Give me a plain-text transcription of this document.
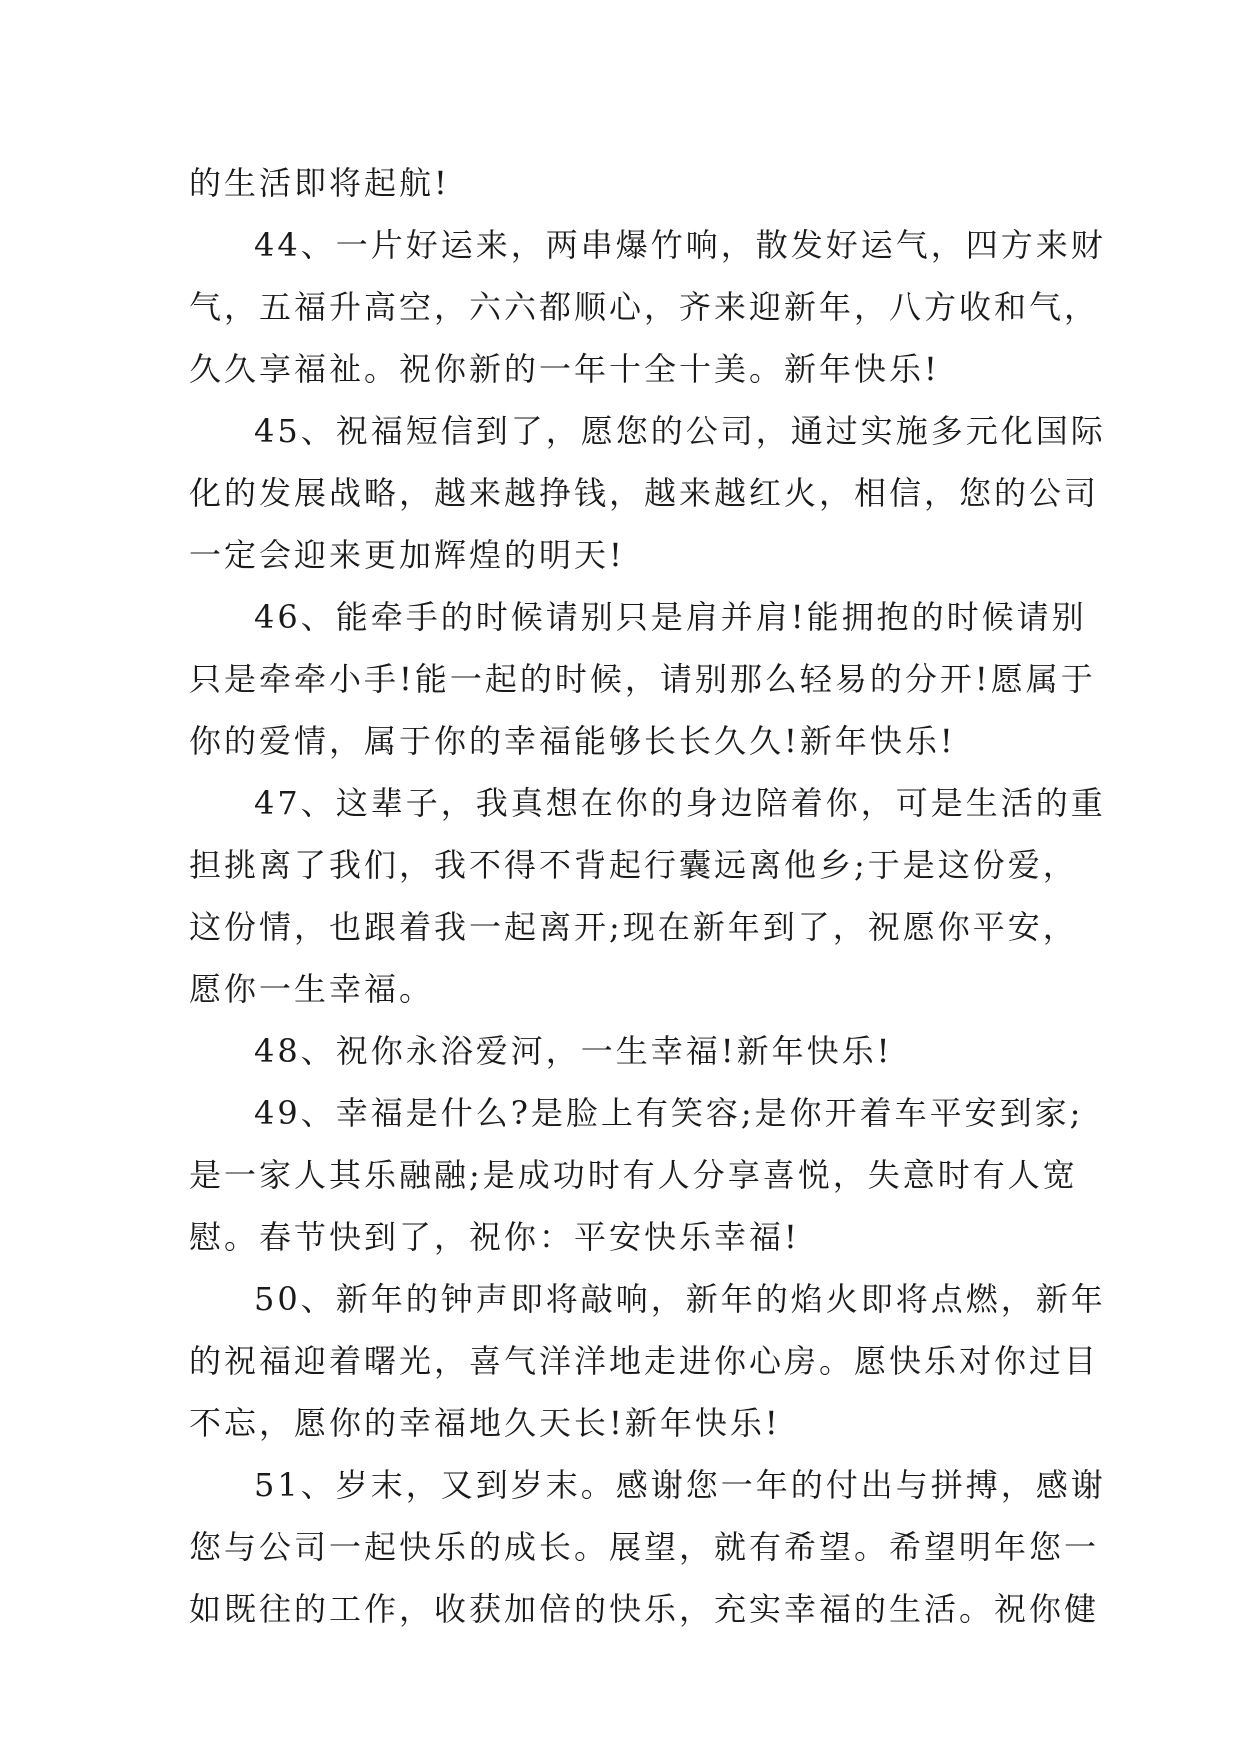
的生活即将起航!
44、一片好运来，两串爆竹响，散发好运气，四方来财
气，五福升高空，六六都顺心，齐来迎新年，八方收和气，
久久享福祉。祝你新的一年十全十美。新年快乐!
45、祝福短信到了，愿您的公司，通过实施多元化国际
化的发展战略，越来越挣钱，越来越红火，相信，您的公司
一定会迎来更加辉煌的明天!
46、能牵手的时候请别只是肩并肩!能拥抱的时候请别
只是牵牵小手!能一起的时候，请别那么轻易的分开!愿属于
你的爱情，属于你的幸福能够长长久久!新年快乐!
47、这辈子，我真想在你的身边陪着你，可是生活的重
担挑离了我们，我不得不背起行囊远离他乡;于是这份爱，
这份情，也跟着我一起离开;现在新年到了，祝愿你平安，
愿你一生幸福。
48、祝你永浴爱河，一生幸福!新年快乐!
49、幸福是什么?是脸上有笑容;是你开着车平安到家;
是一家人其乐融融;是成功时有人分享喜悦，失意时有人宽
慰。春节快到了，祝你：平安快乐幸福!
50、新年的钟声即将敲响，新年的焰火即将点燃，新年
的祝福迎着曙光，喜气洋洋地走进你心房。愿快乐对你过目
不忘，愿你的幸福地久天长!新年快乐!
51、岁末，又到岁末。感谢您一年的付出与拼搏，感谢
您与公司一起快乐的成长。展望，就有希望。希望明年您一
如既往的工作，收获加倍的快乐，充实幸福的生活。祝你健
